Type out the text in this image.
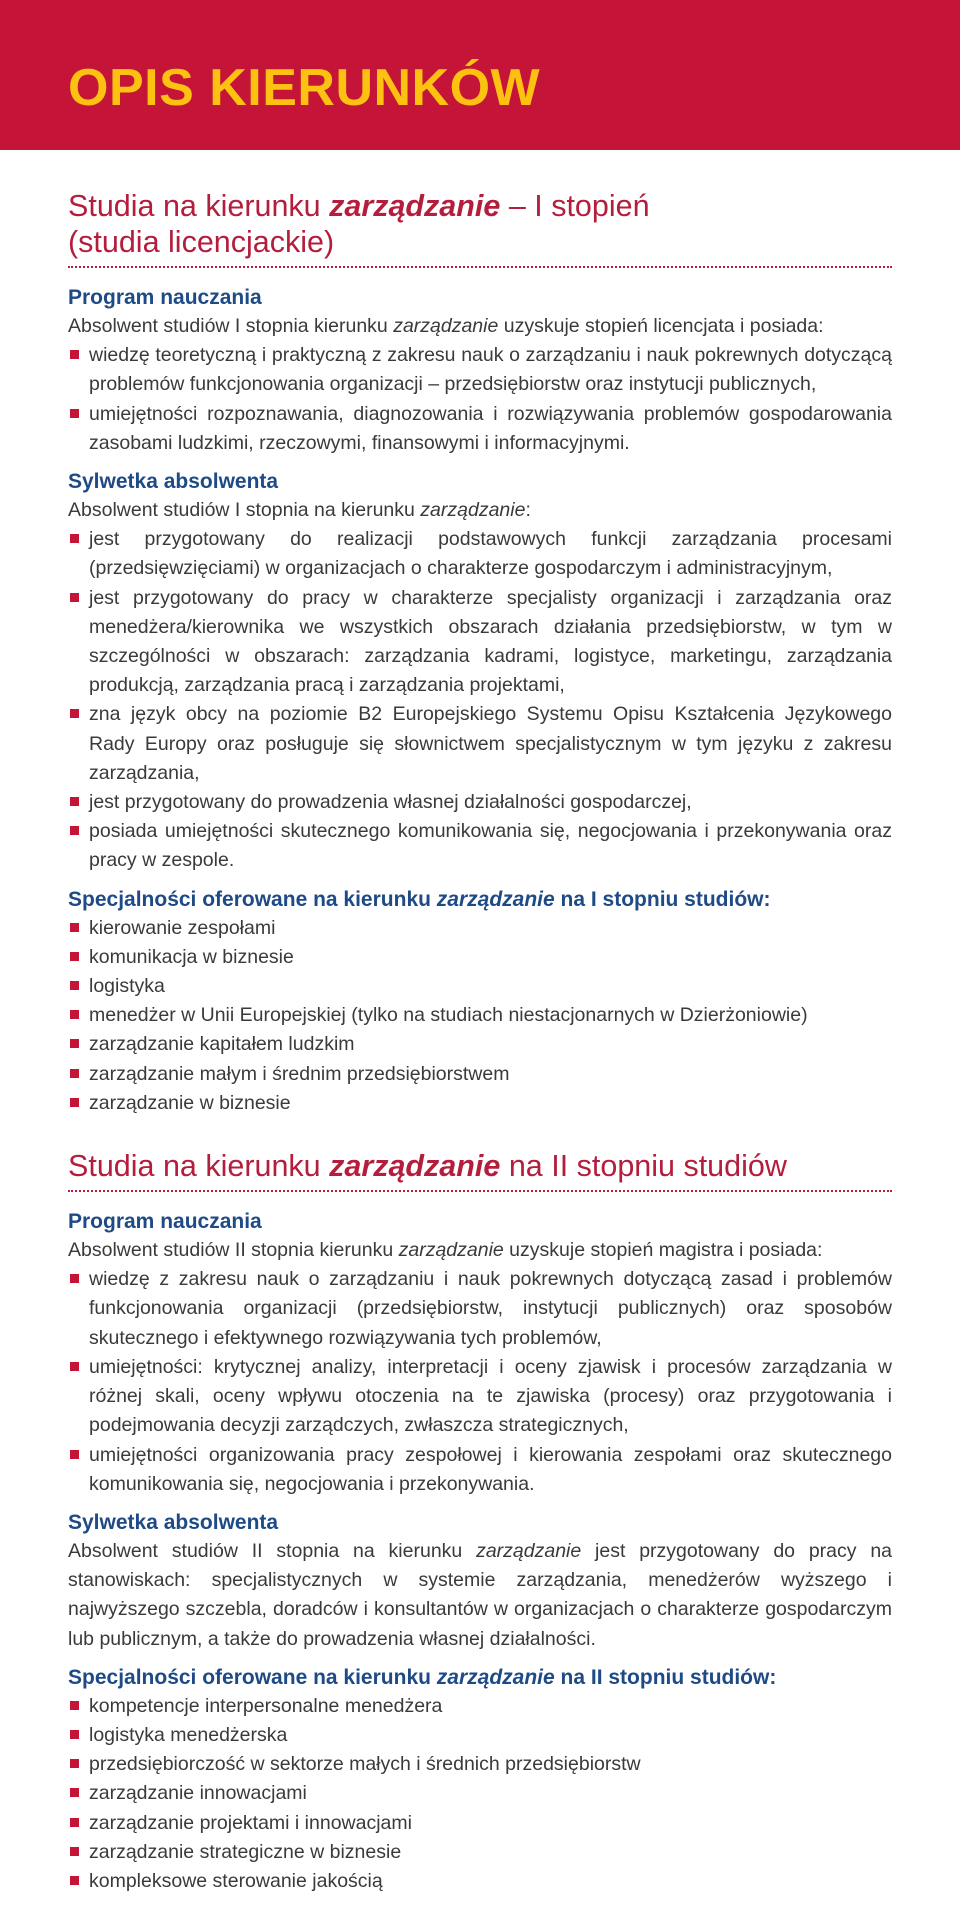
OPIS KIERUNKÓW
Studia na kierunku zarządzanie – I stopień
(studia licencjackie)
Program nauczania

Absolwent studiów I stopnia kierunku zarządzanie uzyskuje stopień licencjata i posiada:

wiedzę teoretyczną i praktyczną z zakresu nauk o zarządzaniu i nauk pokrewnych dotyczącą problemów funkcjonowania organizacji – przedsiębiorstw oraz instytucji publicznych,
umiejętności rozpoznawania, diagnozowania i rozwiązywania problemów gospodarowania zasobami ludzkimi, rzeczowymi, finansowymi i informacyjnymi.
Sylwetka absolwenta

Absolwent studiów I stopnia na kierunku zarządzanie:

jest przygotowany do realizacji podstawowych funkcji zarządzania procesami (przedsięwzięciami) w organizacjach o charakterze gospodarczym i administracyjnym,
jest przygotowany do pracy w charakterze specjalisty organizacji i zarządzania oraz menedżera/kierownika we wszystkich obszarach działania przedsiębiorstw, w tym w szczególności w obszarach: zarządzania kadrami, logistyce, marketingu, zarządzania produkcją, zarządzania pracą i zarządzania projektami,
zna język obcy na poziomie B2 Europejskiego Systemu Opisu Kształcenia Językowego Rady Europy oraz posługuje się słownictwem specjalistycznym w tym języku z zakresu zarządzania,
jest przygotowany do prowadzenia własnej działalności gospodarczej,
posiada umiejętności skutecznego komunikowania się, negocjowania i przekonywania oraz pracy w zespole.
Specjalności oferowane na kierunku zarządzanie na I stopniu studiów:
kierowanie zespołami
komunikacja w biznesie
logistyka
menedżer w Unii Europejskiej (tylko na studiach niestacjonarnych w Dzierżoniowie)
zarządzanie kapitałem ludzkim
zarządzanie małym i średnim przedsiębiorstwem
zarządzanie w biznesie
Studia na kierunku zarządzanie na II stopniu studiów
Program nauczania

Absolwent studiów II stopnia kierunku zarządzanie uzyskuje stopień magistra i posiada:

wiedzę z zakresu nauk o zarządzaniu i nauk pokrewnych dotyczącą zasad i problemów funkcjonowania organizacji (przedsiębiorstw, instytucji publicznych) oraz sposobów skutecznego i efektywnego rozwiązywania tych problemów,
umiejętności: krytycznej analizy, interpretacji i oceny zjawisk i procesów zarządzania w różnej skali, oceny wpływu otoczenia na te zjawiska (procesy) oraz przygotowania i podejmowania decyzji zarządczych, zwłaszcza strategicznych,
umiejętności organizowania pracy zespołowej i kierowania zespołami oraz skutecznego komunikowania się, negocjowania i przekonywania.
Sylwetka absolwenta

Absolwent studiów II stopnia na kierunku zarządzanie jest przygotowany do pracy na stanowiskach: specjalistycznych w systemie zarządzania, menedżerów wyższego i najwyższego szczebla, doradców i konsultantów w organizacjach o charakterze gospodarczym lub publicznym, a także do prowadzenia własnej działalności.

Specjalności oferowane na kierunku zarządzanie na II stopniu studiów:
kompetencje interpersonalne menedżera
logistyka menedżerska
przedsiębiorczość w sektorze małych i średnich przedsiębiorstw
zarządzanie innowacjami
zarządzanie projektami i innowacjami
zarządzanie strategiczne w biznesie
kompleksowe sterowanie jakością
